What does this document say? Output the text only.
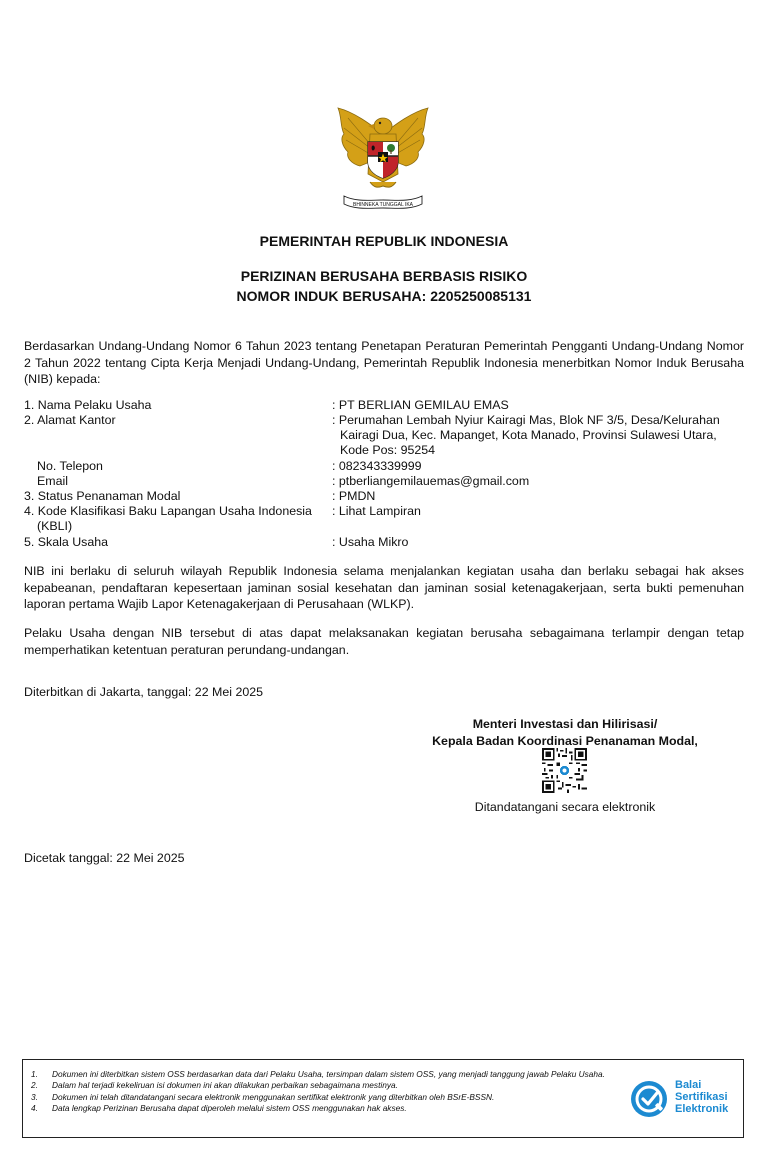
BHINNEKA TUNGGAL IKA
PEMERINTAH REPUBLIK INDONESIA
PERIZINAN BERUSAHA BERBASIS RISIKO
NOMOR INDUK BERUSAHA: 2205250085131
Berdasarkan Undang-Undang Nomor 6 Tahun 2023 tentang Penetapan Peraturan Pemerintah Pengganti Undang-Undang Nomor 2 Tahun 2022 tentang Cipta Kerja Menjadi Undang-Undang, Pemerintah Republik Indonesia menerbitkan Nomor Induk Berusaha (NIB) kepada:
1. Nama Pelaku Usaha	: PT BERLIAN GEMILAU EMAS
2. Alamat Kantor	: Perumahan Lembah Nyiur Kairagi Mas, Blok NF 3/5, Desa/Kelurahan
Kairagi Dua, Kec. Mapanget, Kota Manado, Provinsi Sulawesi Utara,
Kode Pos: 95254
No. Telepon	: 082343339999
Email	: ptberliangemilauemas@gmail.com
3. Status Penanaman Modal	: PMDN
4. Kode Klasifikasi Baku Lapangan Usaha Indonesia
(KBLI)
: Lihat Lampiran
5. Skala Usaha	: Usaha Mikro
NIB ini berlaku di seluruh wilayah Republik Indonesia selama menjalankan kegiatan usaha dan berlaku sebagai hak akses kepabeanan, pendaftaran kepesertaan jaminan sosial kesehatan dan jaminan sosial ketenagakerjaan, serta bukti pemenuhan laporan pertama Wajib Lapor Ketenagakerjaan di Perusahaan (WLKP).
Pelaku Usaha dengan NIB tersebut di atas dapat melaksanakan kegiatan berusaha sebagaimana terlampir dengan tetap memperhatikan ketentuan peraturan perundang-undangan.
Diterbitkan di Jakarta, tanggal: 22 Mei 2025
Menteri Investasi dan Hilirisasi/
Kepala Badan Koordinasi Penanaman Modal,
Ditandatangani secara elektronik
Dicetak tanggal: 22 Mei 2025
1.	Dokumen ini diterbitkan sistem OSS berdasarkan data dari Pelaku Usaha, tersimpan dalam sistem OSS, yang menjadi tanggung jawab Pelaku Usaha.
2.	Dalam hal terjadi kekeliruan isi dokumen ini akan dilakukan perbaikan sebagaimana mestinya.
3.	Dokumen ini telah ditandatangani secara elektronik menggunakan sertifikat elektronik yang diterbitkan oleh BSrE-BSSN.
4.	Data lengkap Perizinan Berusaha dapat diperoleh melalui sistem OSS menggunakan hak akses.
Balai
Sertifikasi
Elektronik
